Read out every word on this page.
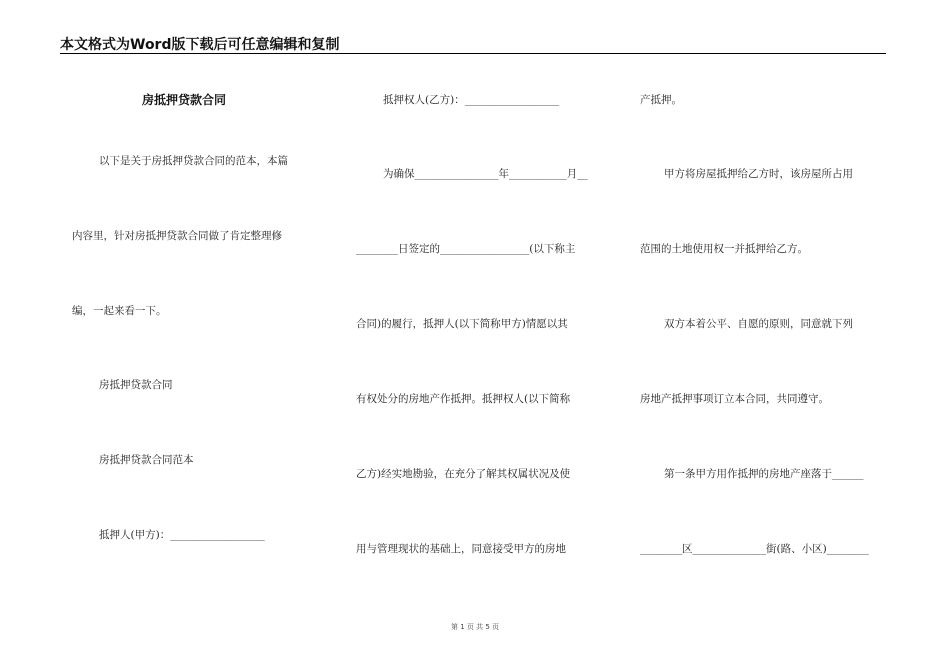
本文格式为Word版下载后可任意编辑和复制
房抵押贷款合同
以下是关于房抵押贷款合同的范本，本篇
内容里，针对房抵押贷款合同做了肯定整理修
编，一起来看一下。
房抵押贷款合同
房抵押贷款合同范本
抵押人(甲方)：__________________
抵押权人(乙方)：__________________
为确保________________年___________月__
________日签定的_________________(以下称主
合同)的履行，抵押人(以下简称甲方)情愿以其
有权处分的房地产作抵押。抵押权人(以下简称
乙方)经实地勘验，在充分了解其权属状况及使
用与管理现状的基础上，同意接受甲方的房地
产抵押。
甲方将房屋抵押给乙方时，该房屋所占用
范围的土地使用权一并抵押给乙方。
双方本着公平、自愿的原则，同意就下列
房地产抵押事项订立本合同，共同遵守。
第一条甲方用作抵押的房地产座落于______
________区______________街(路、小区)________
第 1 页 共 5 页
